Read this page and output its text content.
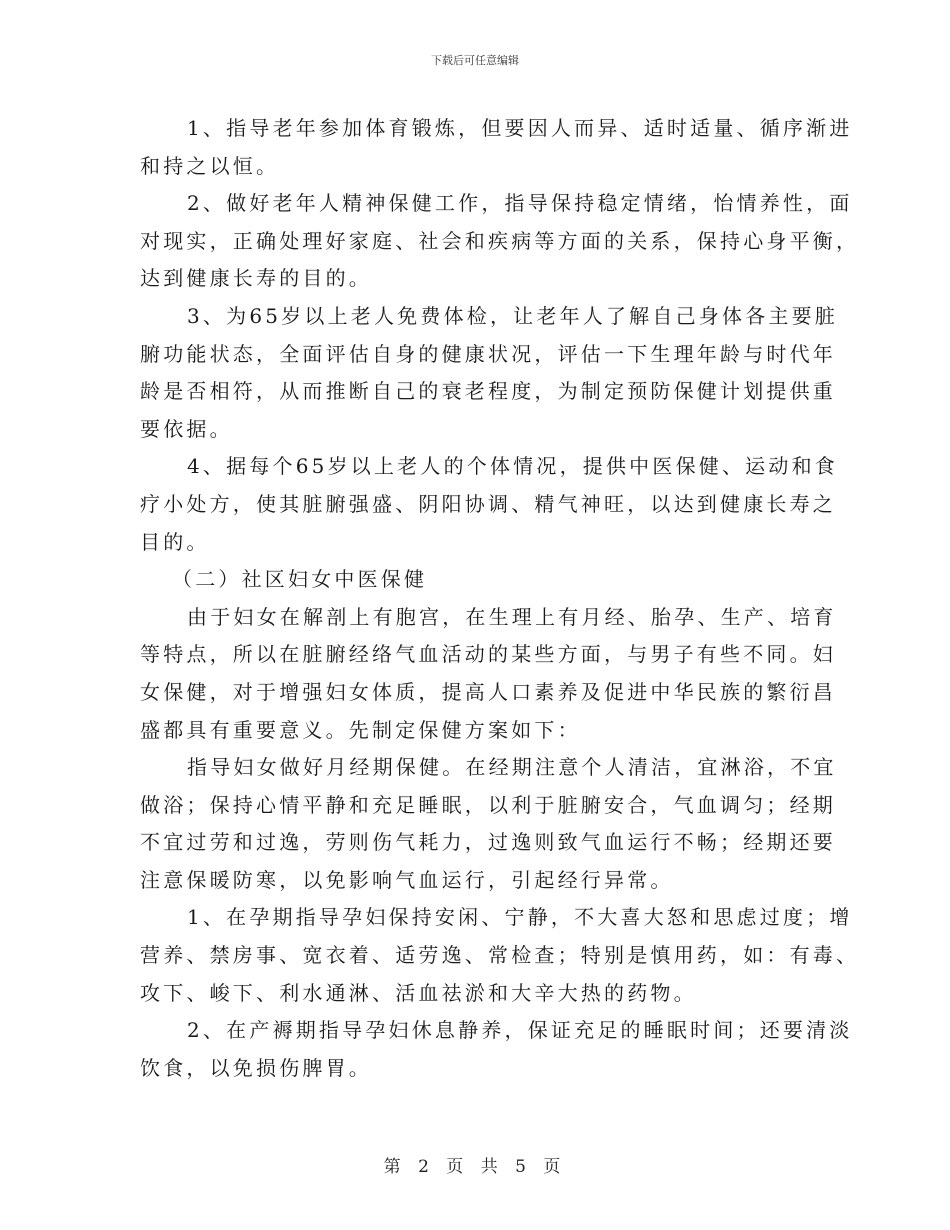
下载后可任意编辑
1、指导老年参加体育锻炼，但要因人而异、适时适量、循序渐进
和持之以恒。
2、做好老年人精神保健工作，指导保持稳定情绪，怡情养性，面
对现实，正确处理好家庭、社会和疾病等方面的关系，保持心身平衡，
达到健康长寿的目的。
3、为65岁以上老人免费体检，让老年人了解自己身体各主要脏
腑功能状态，全面评估自身的健康状况，评估一下生理年龄与时代年
龄是否相符，从而推断自己的衰老程度，为制定预防保健计划提供重
要依据。
4、据每个65岁以上老人的个体情况，提供中医保健、运动和食
疗小处方，使其脏腑强盛、阴阳协调、精气神旺，以达到健康长寿之
目的。
（二）社区妇女中医保健
由于妇女在解剖上有胞宫，在生理上有月经、胎孕、生产、培育
等特点，所以在脏腑经络气血活动的某些方面，与男子有些不同。妇
女保健，对于增强妇女体质，提高人口素养及促进中华民族的繁衍昌
盛都具有重要意义。先制定保健方案如下：
指导妇女做好月经期保健。在经期注意个人清洁，宜淋浴，不宜
做浴；保持心情平静和充足睡眠，以利于脏腑安合，气血调匀；经期
不宜过劳和过逸，劳则伤气耗力，过逸则致气血运行不畅；经期还要
注意保暖防寒，以免影响气血运行，引起经行异常。
1、在孕期指导孕妇保持安闲、宁静，不大喜大怒和思虑过度；增
营养、禁房事、宽衣着、适劳逸、常检查；特别是慎用药，如：有毒、
攻下、峻下、利水通淋、活血祛淤和大辛大热的药物。
2、在产褥期指导孕妇休息静养，保证充足的睡眠时间；还要清淡
饮食，以免损伤脾胃。
第 2 页 共 5 页
